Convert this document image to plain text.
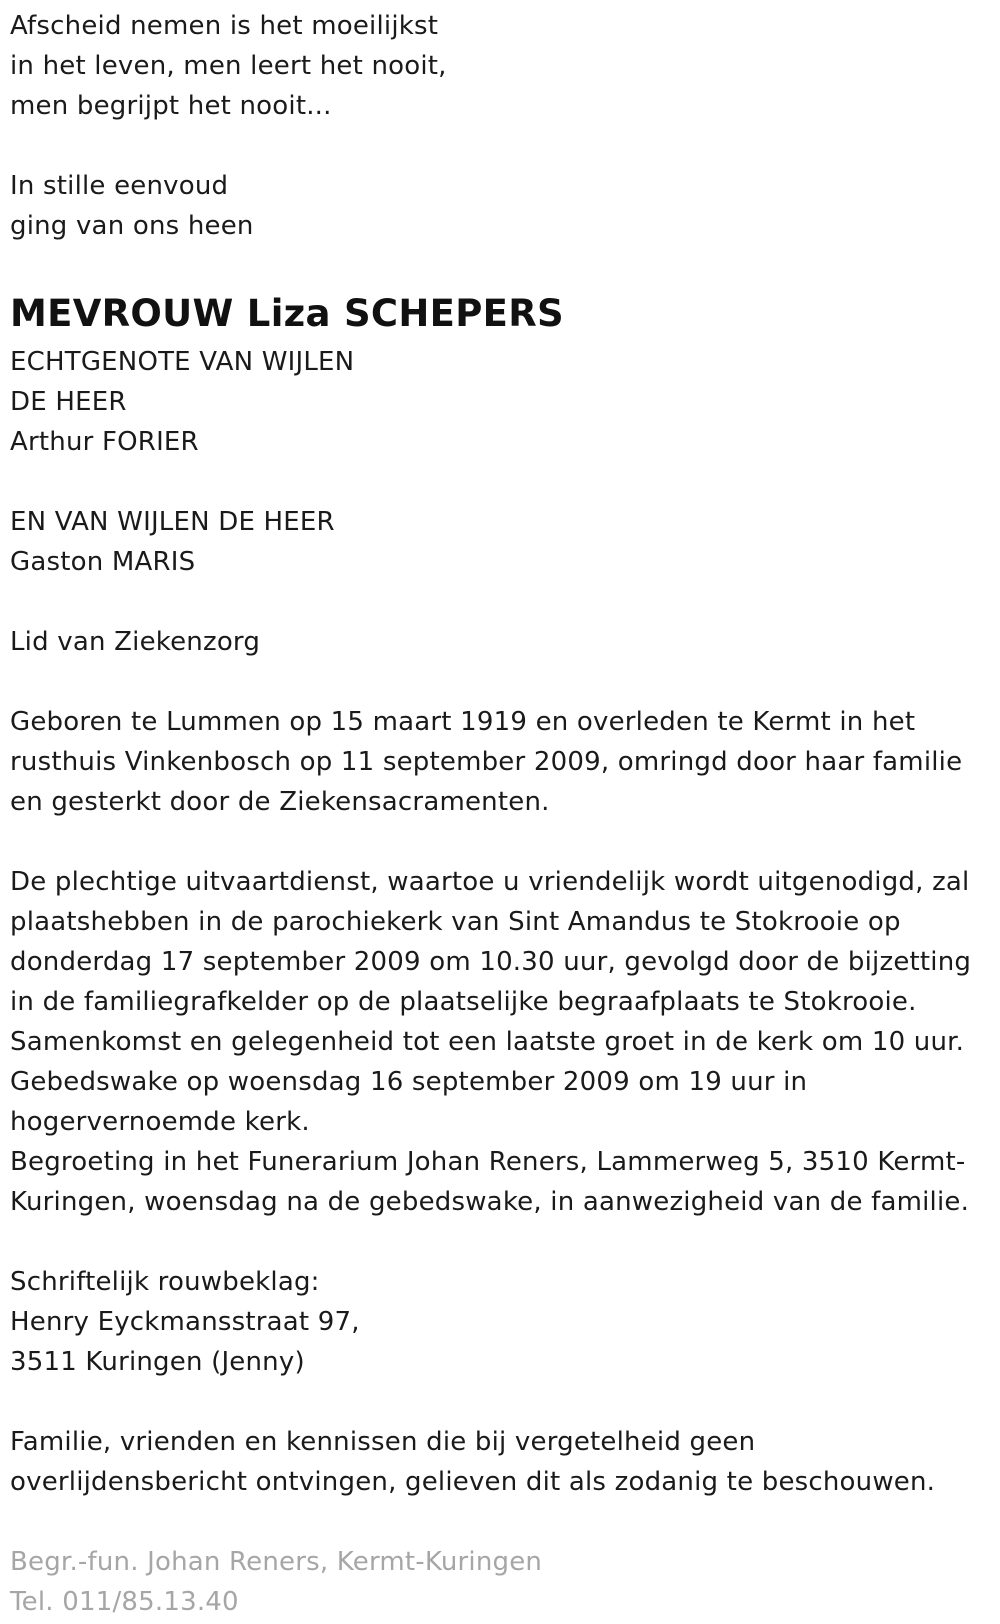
Afscheid nemen is het moeilijkst
in het leven, men leert het nooit,
men begrijpt het nooit...
In stille eenvoud
ging van ons heen
MEVROUW Liza SCHEPERS
ECHTGENOTE VAN WIJLEN
DE HEER
Arthur FORIER
EN VAN WIJLEN DE HEER
Gaston MARIS
Lid van Ziekenzorg
Geboren te Lummen op 15 maart 1919 en overleden te Kermt in het
rusthuis Vinkenbosch op 11 september 2009, omringd door haar familie
en gesterkt door de Ziekensacramenten.
De plechtige uitvaartdienst, waartoe u vriendelijk wordt uitgenodigd, zal
plaatshebben in de parochiekerk van Sint Amandus te Stokrooie op
donderdag 17 september 2009 om 10.30 uur, gevolgd door de bijzetting
in de familiegrafkelder op de plaatselijke begraafplaats te Stokrooie.
Samenkomst en gelegenheid tot een laatste groet in de kerk om 10 uur.
Gebedswake op woensdag 16 september 2009 om 19 uur in
hogervernoemde kerk.
Begroeting in het Funerarium Johan Reners, Lammerweg 5, 3510 Kermt-
Kuringen, woensdag na de gebedswake, in aanwezigheid van de familie.
Schriftelijk rouwbeklag:
Henry Eyckmansstraat 97,
3511 Kuringen (Jenny)
Familie, vrienden en kennissen die bij vergetelheid geen
overlijdensbericht ontvingen, gelieven dit als zodanig te beschouwen.
Begr.-fun. Johan Reners, Kermt-Kuringen
Tel. 011/85.13.40
